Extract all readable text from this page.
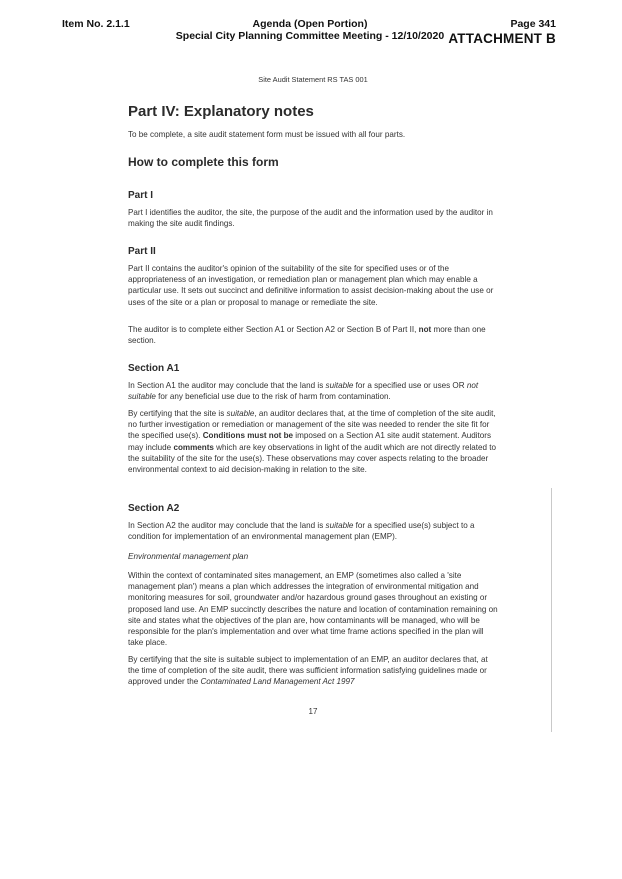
Item No. 2.1.1	Agenda (Open Portion)
Special City Planning Committee Meeting - 12/10/2020
Page 341
ATTACHMENT B
Site Audit Statement RS TAS 001
Part IV: Explanatory notes
To be complete, a site audit statement form must be issued with all four parts.
How to complete this form
Part I
Part I identifies the auditor, the site, the purpose of the audit and the information used by the auditor in making the site audit findings.
Part II
Part II contains the auditor's opinion of the suitability of the site for specified uses or of the appropriateness of an investigation, or remediation plan or management plan which may enable a particular use. It sets out succinct and definitive information to assist decision-making about the use or uses of the site or a plan or proposal to manage or remediate the site.
The auditor is to complete either Section A1 or Section A2 or Section B of Part II, not more than one section.
Section A1
In Section A1 the auditor may conclude that the land is suitable for a specified use or uses OR not suitable for any beneficial use due to the risk of harm from contamination.
By certifying that the site is suitable, an auditor declares that, at the time of completion of the site audit, no further investigation or remediation or management of the site was needed to render the site fit for the specified use(s). Conditions must not be imposed on a Section A1 site audit statement. Auditors may include comments which are key observations in light of the audit which are not directly related to the suitability of the site for the use(s). These observations may cover aspects relating to the broader environmental context to aid decision-making in relation to the site.
Section A2
In Section A2 the auditor may conclude that the land is suitable for a specified use(s) subject to a condition for implementation of an environmental management plan (EMP).
Environmental management plan
Within the context of contaminated sites management, an EMP (sometimes also called a 'site management plan') means a plan which addresses the integration of environmental mitigation and monitoring measures for soil, groundwater and/or hazardous ground gases throughout an existing or proposed land use. An EMP succinctly describes the nature and location of contamination remaining on site and states what the objectives of the plan are, how contaminants will be managed, who will be responsible for the plan's implementation and over what time frame actions specified in the plan will take place.
By certifying that the site is suitable subject to implementation of an EMP, an auditor declares that, at the time of completion of the site audit, there was sufficient information satisfying guidelines made or approved under the Contaminated Land Management Act 1997
17
